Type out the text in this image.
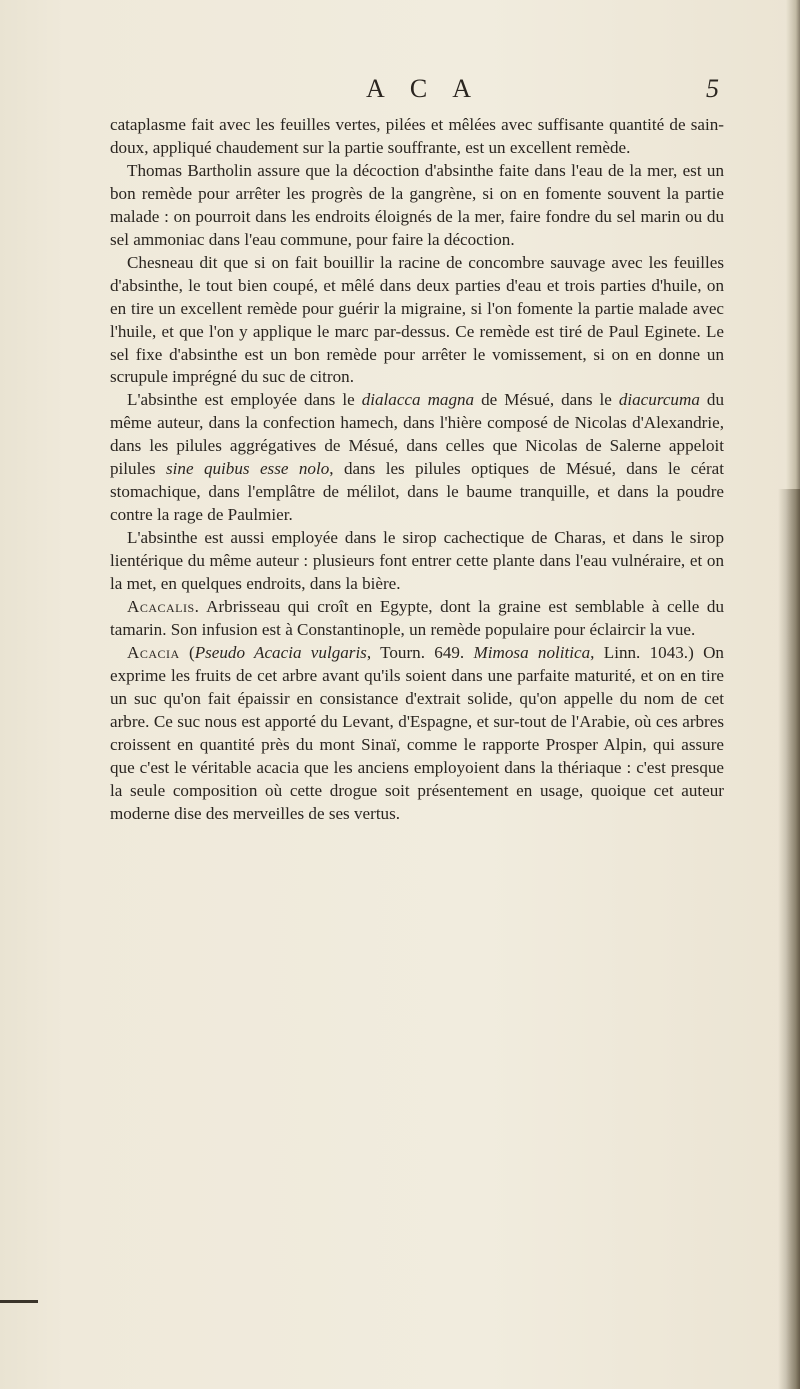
A C A	5

cataplasme fait avec les feuilles vertes, pilées et mêlées avec suffisante quantité de sain-doux, appliqué chaudement sur la partie souffrante, est un excellent remède.

Thomas Bartholin assure que la décoction d'absinthe faite dans l'eau de la mer, est un bon remède pour arrêter les progrès de la gangrène, si on en fomente souvent la partie malade : on pourroit dans les endroits éloignés de la mer, faire fondre du sel marin ou du sel ammoniac dans l'eau commune, pour faire la décoction.

Chesneau dit que si on fait bouillir la racine de concombre sauvage avec les feuilles d'absinthe, le tout bien coupé, et mêlé dans deux parties d'eau et trois parties d'huile, on en tire un excellent remède pour guérir la migraine, si l'on fomente la partie malade avec l'huile, et que l'on y applique le marc par-dessus. Ce remède est tiré de Paul Eginete. Le sel fixe d'absinthe est un bon remède pour arrêter le vomissement, si on en donne un scrupule imprégné du suc de citron.

L'absinthe est employée dans le dialacca magna de Mésué, dans le diacurcuma du même auteur, dans la confection hamech, dans l'hière composé de Nicolas d'Alexandrie, dans les pilules aggrégatives de Mésué, dans celles que Nicolas de Salerne appeloit pilules sine quibus esse nolo, dans les pilules optiques de Mésué, dans le cérat stomachique, dans l'emplâtre de mélilot, dans le baume tranquille, et dans la poudre contre la rage de Paulmier.

L'absinthe est aussi employée dans le sirop cachectique de Charas, et dans le sirop lientérique du même auteur : plusieurs font entrer cette plante dans l'eau vulnéraire, et on la met, en quelques endroits, dans la bière.

Acacalis. Arbrisseau qui croît en Egypte, dont la graine est semblable à celle du tamarin. Son infusion est à Constantinople, un remède populaire pour éclaircir la vue.

Acacia (Pseudo Acacia vulgaris, Tourn. 649. Mimosa nolitica, Linn. 1043.) On exprime les fruits de cet arbre avant qu'ils soient dans une parfaite maturité, et on en tire un suc qu'on fait épaissir en consistance d'extrait solide, qu'on appelle du nom de cet arbre. Ce suc nous est apporté du Levant, d'Espagne, et sur-tout de l'Arabie, où ces arbres croissent en quantité près du mont Sinaï, comme le rapporte Prosper Alpin, qui assure que c'est le véritable acacia que les anciens employoient dans la thériaque : c'est presque la seule composition où cette drogue soit présentement en usage, quoique cet auteur moderne dise des merveilles de ses vertus.
